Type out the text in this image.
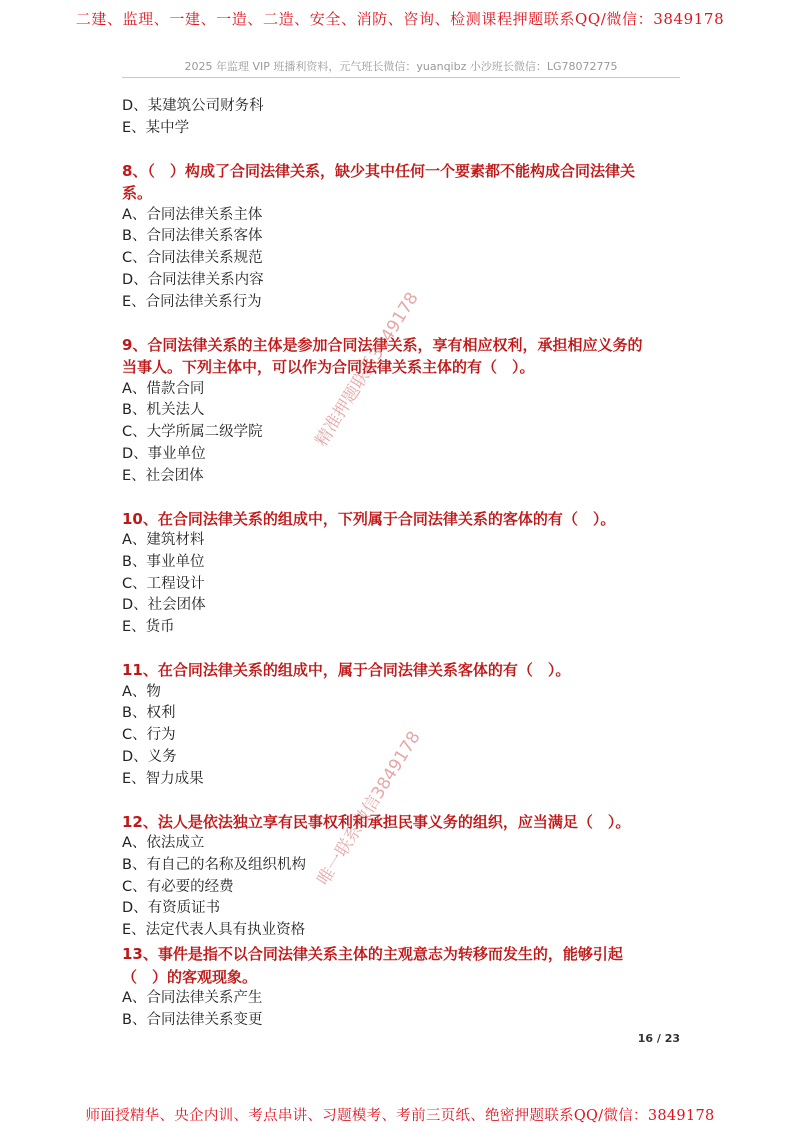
二建、监理、一建、一造、二造、安全、消防、咨询、检测课程押题联系QQ/微信：3849178
2025 年监理 VIP 班播利资料，元气班长微信：yuanqibz 小沙班长微信：LG78072775

D、某建筑公司财务科

E、某中学

8、（　）构成了合同法律关系，缺少其中任何一个要素都不能构成合同法律关
系。

A、合同法律关系主体

B、合同法律关系客体

C、合同法律关系规范

D、合同法律关系内容

E、合同法律关系行为

9、合同法律关系的主体是参加合同法律关系，享有相应权利，承担相应义务的
当事人。下列主体中，可以作为合同法律关系主体的有（　）。

A、借款合同

B、机关法人

C、大学所属二级学院

D、事业单位

E、社会团体

10、在合同法律关系的组成中，下列属于合同法律关系的客体的有（　）。

A、建筑材料

B、事业单位

C、工程设计

D、社会团体

E、货币

11、在合同法律关系的组成中，属于合同法律关系客体的有（　）。

A、物

B、权利

C、行为

D、义务

E、智力成果

12、法人是依法独立享有民事权利和承担民事义务的组织，应当满足（　）。

A、依法成立

B、有自己的名称及组织机构

C、有必要的经费

D、有资质证书

E、法定代表人具有执业资格

13、事件是指不以合同法律关系主体的主观意志为转移而发生的，能够引起
（　）的客观现象。

A、合同法律关系产生

B、合同法律关系变更

精准押题联系3849178
唯一联系微信3849178
16 / 23
师面授精华、央企内训、考点串讲、习题模考、考前三页纸、绝密押题联系QQ/微信：3849178
